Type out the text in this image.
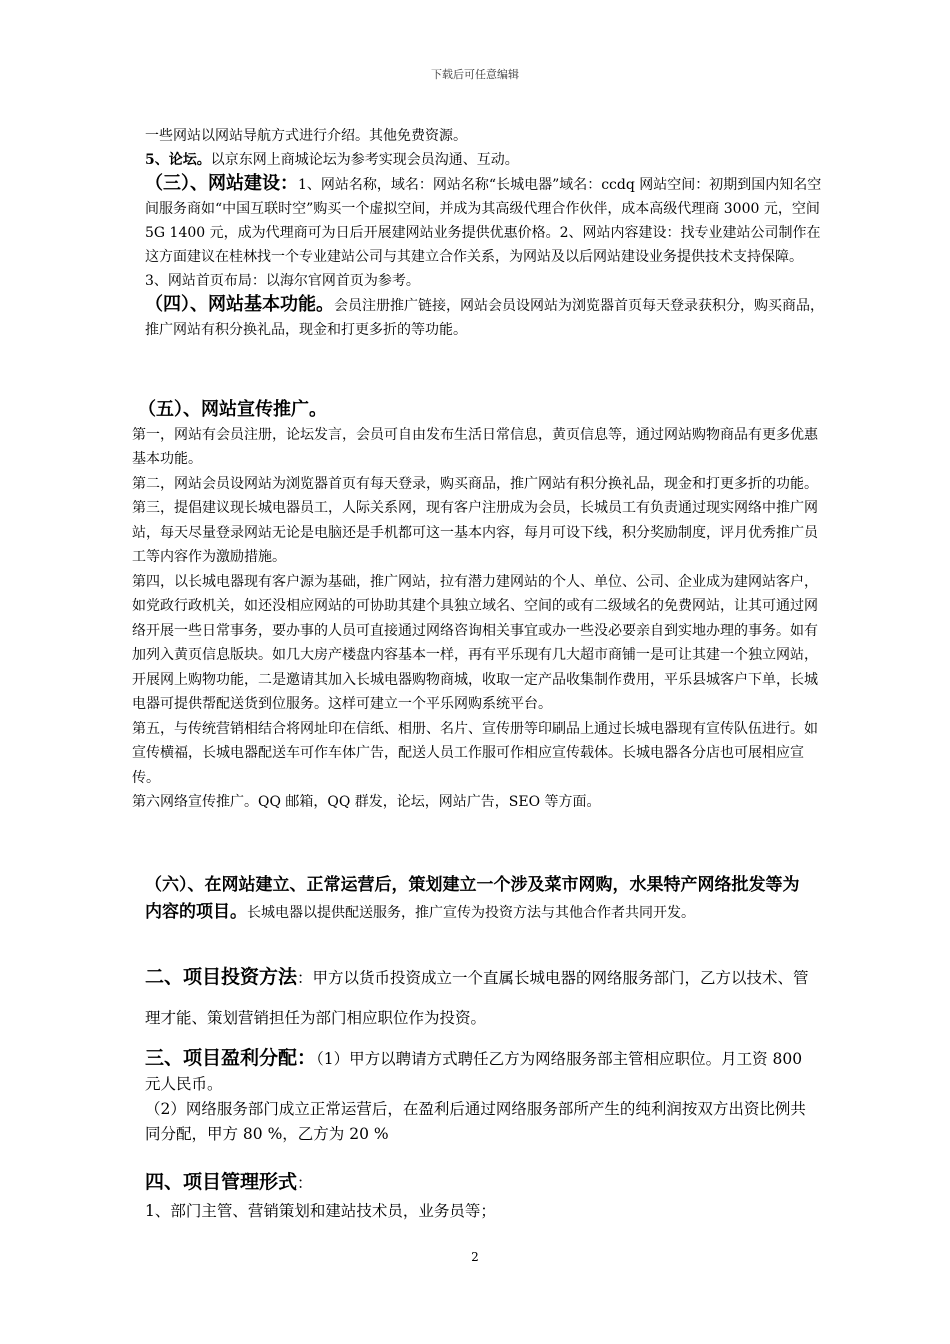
下载后可任意编辑
一些网站以网站导航方式进行介绍。其他免费资源。
5、论坛。以京东网上商城论坛为参考实现会员沟通、互动。
（三）、网站建设：1、网站名称，域名：网站名称“长城电器”域名：ccdq 网站空间：初期到国内知名空间服务商如“中国互联时空”购买一个虚拟空间，并成为其高级代理合作伙伴，成本高级代理商 3000 元，空间 5G 1400 元，成为代理商可为日后开展建网站业务提供优惠价格。2、网站内容建设：找专业建站公司制作在这方面建议在桂林找一个专业建站公司与其建立合作关系，为网站及以后网站建设业务提供技术支持保障。3、网站首页布局：以海尔官网首页为参考。
（四）、网站基本功能。会员注册推广链接，网站会员设网站为浏览器首页每天登录获积分，购买商品，推广网站有积分换礼品，现金和打更多折的等功能。
（五）、网站宣传推广。
第一，网站有会员注册，论坛发言，会员可自由发布生活日常信息，黄页信息等，通过网站购物商品有更多优惠基本功能。
第二，网站会员设网站为浏览器首页有每天登录，购买商品，推广网站有积分换礼品，现金和打更多折的功能。
第三，提倡建议现长城电器员工，人际关系网，现有客户注册成为会员，长城员工有负责通过现实网络中推广网站，每天尽量登录网站无论是电脑还是手机都可这一基本内容，每月可设下线，积分奖励制度，评月优秀推广员工等内容作为激励措施。
第四，以长城电器现有客户源为基础，推广网站，拉有潜力建网站的个人、单位、公司、企业成为建网站客户，如党政行政机关，如还没相应网站的可协助其建个具独立域名、空间的或有二级域名的免费网站，让其可通过网络开展一些日常事务，要办事的人员可直接通过网络咨询相关事宜或办一些没必要亲自到实地办理的事务。如有加列入黄页信息版块。如几大房产楼盘内容基本一样，再有平乐现有几大超市商铺一是可让其建一个独立网站，开展网上购物功能，二是邀请其加入长城电器购物商城，收取一定产品收集制作费用，平乐县城客户下单，长城电器可提供帮配送货到位服务。这样可建立一个平乐网购系统平台。
第五，与传统营销相结合将网址印在信纸、相册、名片、宣传册等印刷品上通过长城电器现有宣传队伍进行。如宣传横福，长城电器配送车可作车体广告，配送人员工作服可作相应宣传载体。长城电器各分店也可展相应宣传。
第六网络宣传推广。QQ 邮箱，QQ 群发，论坛，网站广告，SEO 等方面。
（六）、在网站建立、正常运营后，策划建立一个涉及菜市网购，水果特产网络批发等为内容的项目。长城电器以提供配送服务，推广宣传为投资方法与其他合作者共同开发。
二、项目投资方法：甲方以货币投资成立一个直属长城电器的网络服务部门，乙方以技术、管理才能、策划营销担任为部门相应职位作为投资。
三、项目盈利分配：（1）甲方以聘请方式聘任乙方为网络服务部主管相应职位。月工资 800 元人民币。
（2）网络服务部门成立正常运营后，在盈利后通过网络服务部所产生的纯利润按双方出资比例共同分配，甲方 80 %，乙方为 20 %
四、项目管理形式：
1、部门主管、营销策划和建站技术员，业务员等；
2
